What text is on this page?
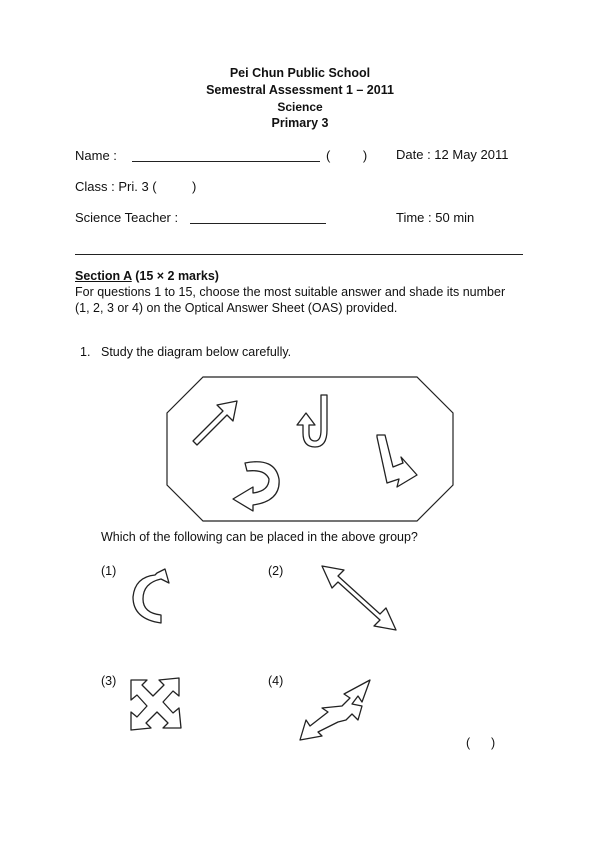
Pei Chun Public School
Semestral Assessment 1 – 2011
Science
Primary 3
Name :	(         ) Date : 12 May 2011
Class : Pri. 3 (	)
Science Teacher :	Time : 50 min
Section A (15 × 2 marks)
For questions 1 to 15, choose the most suitable answer and shade its number
(1, 2, 3 or 4) on the Optical Answer Sheet (OAS) provided.
1. Study the diagram below carefully.
Which of the following can be placed in the above group?
(1)	(2)
(3)	(4)
(      )
